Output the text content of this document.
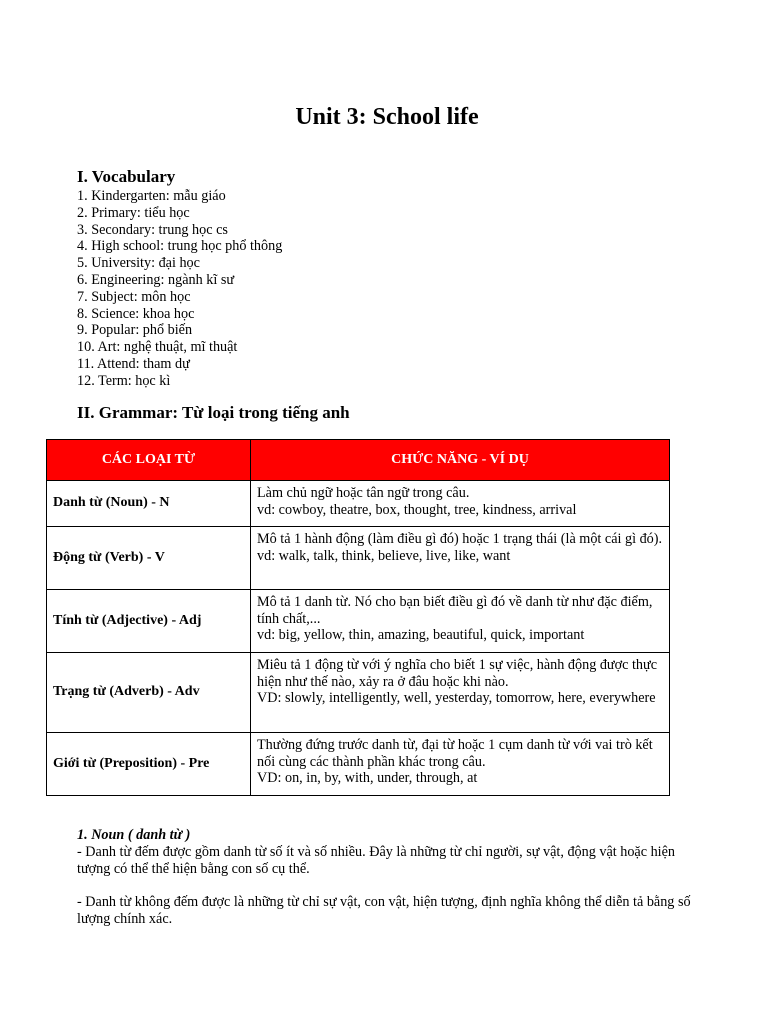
Unit 3: School life
I. Vocabulary
1. Kindergarten: mẫu giáo
2. Primary: tiểu học
3. Secondary: trung học cs
4. High school: trung học phổ thông
5. University: đại học
6. Engineering: ngành kĩ sư
7. Subject: môn học
8. Science: khoa học
9. Popular: phổ biến
10. Art: nghệ thuật, mĩ thuật
11. Attend: tham dự
12. Term: học kì
II. Grammar: Từ loại trong tiếng anh
CÁC LOẠI TỪ	CHỨC NĂNG - VÍ DỤ
Danh từ (Noun) - N	Làm chủ ngữ hoặc tân ngữ trong câu.
vd: cowboy, theatre, box, thought, tree, kindness, arrival

Động từ (Verb) - V	Mô tả 1 hành động (làm điều gì đó) hoặc 1 trạng thái (là một cái gì đó).
vd: walk, talk, think, believe, live, like, want

Tính từ (Adjective) - Adj	Mô tả 1 danh từ. Nó cho bạn biết điều gì đó về danh từ như đặc điểm, tính chất,...
vd: big, yellow, thin, amazing, beautiful, quick, important

Trạng từ (Adverb) - Adv	Miêu tả 1 động từ với ý nghĩa cho biết 1 sự việc, hành động được thực hiện như thế nào, xảy ra ở đâu hoặc khi nào.
VD: slowly, intelligently, well, yesterday, tomorrow, here, everywhere

Giới từ (Preposition) - Pre	Thường đứng trước danh từ, đại từ hoặc 1 cụm danh từ với vai trò kết nối cùng các thành phần khác trong câu.
VD: on, in, by, with, under, through, at
1. Noun ( danh từ )

- Danh từ đếm được gồm danh từ số ít và số nhiều. Đây là những từ chỉ người, sự vật, động vật hoặc hiện tượng có thể thể hiện bằng con số cụ thể.

- Danh từ không đếm được là những từ chỉ sự vật, con vật, hiện tượng, định nghĩa không thể diễn tả bằng số lượng chính xác.
